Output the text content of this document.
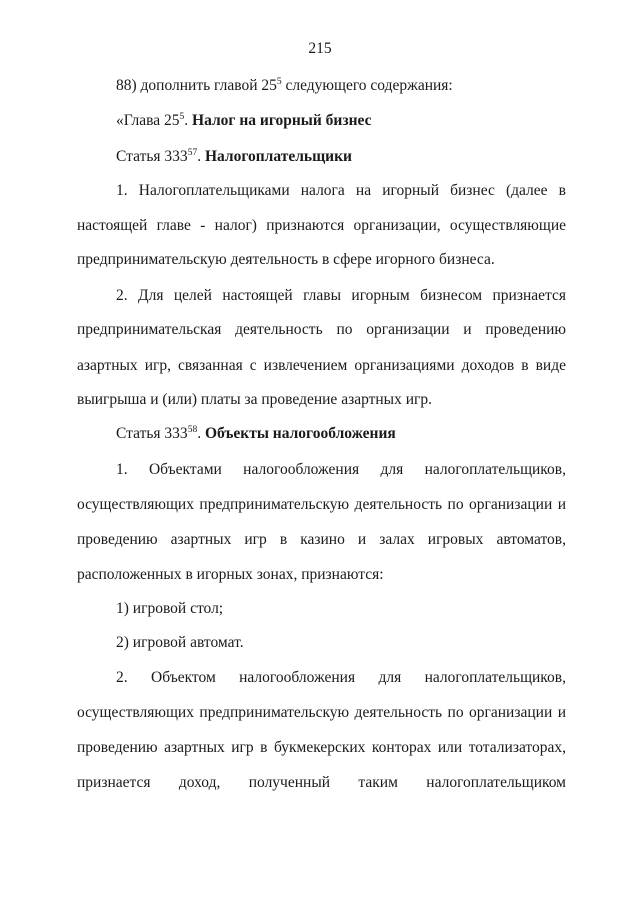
215
88) дополнить главой $25^5$ следующего содержания:
«Глава $25^5$. Налог на игорный бизнес
Статья $333^{57}$. Налогоплательщики
1. Налогоплательщиками налога на игорный бизнес (далее в
настоящей главе - налог) признаются организации, осуществляющие
предпринимательскую деятельность в сфере игорного бизнеса.
2. Для целей настоящей главы игорным бизнесом признается
предпринимательская деятельность по организации и проведению
азартных игр, связанная с извлечением организациями доходов в виде
выигрыша и (или) платы за проведение азартных игр.
Статья $333^{58}$. Объекты налогообложения
1. Объектами налогообложения для налогоплательщиков,
осуществляющих предпринимательскую деятельность по организации и
проведению азартных игр в казино и залах игровых автоматов,
расположенных в игорных зонах, признаются:
1) игровой стол;
2) игровой автомат.
2. Объектом налогообложения для налогоплательщиков,
осуществляющих предпринимательскую деятельность по организации и
проведению азартных игр в букмекерских конторах или тотализаторах,
признается доход, полученный таким налогоплательщиком
